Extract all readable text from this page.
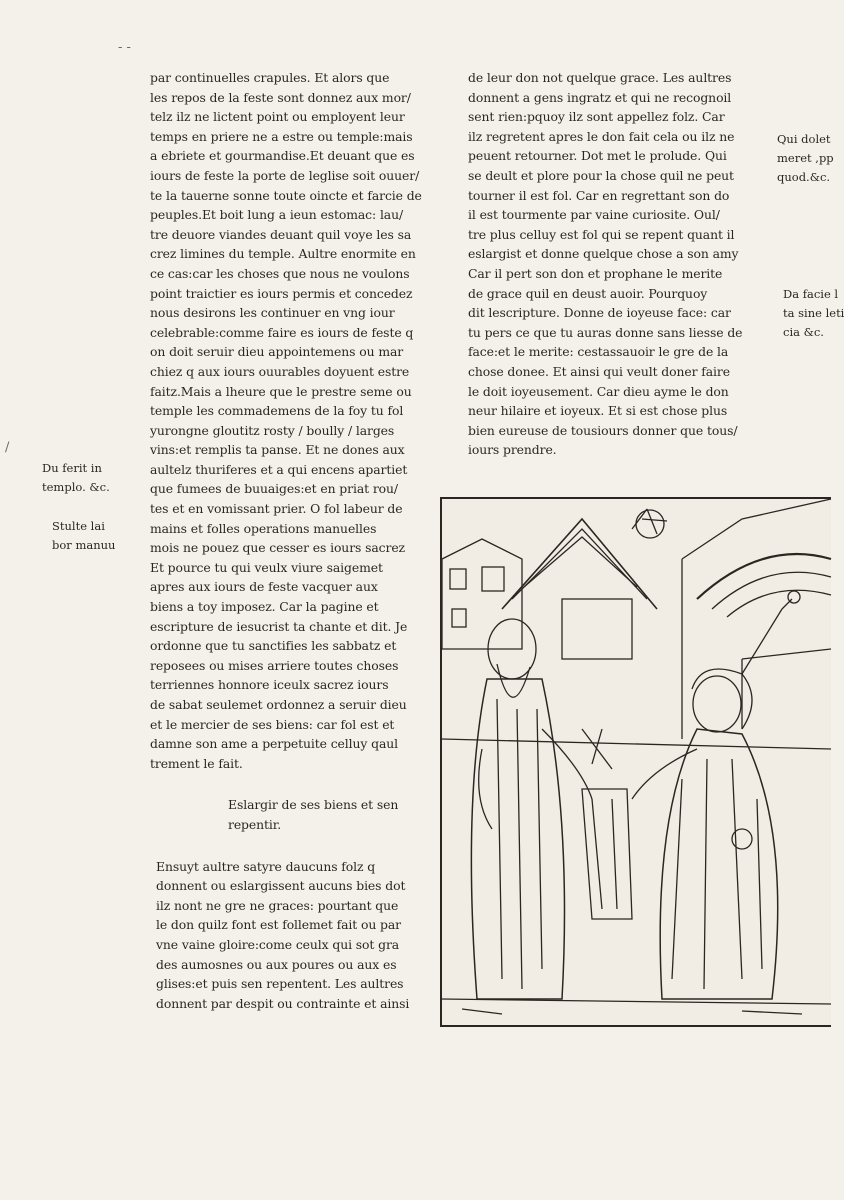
- -
/
par continuelles crapules. Et alors que
les repos de la feste sont donnez aux mor/
telz ilz ne lictent point ou employent leur
temps en priere ne a estre ou temple:mais
a ebriete et gourmandise.Et deuant que es
iours de feste la porte de leglise soit ouuer/
te la tauerne sonne toute oincte et farcie de
peuples.Et boit lung a ieun estomac: lau/
tre deuore viandes deuant quil voye les sa
crez limines du temple. Aultre enormite en
ce cas:car les choses que nous ne voulons
point traictier es iours permis et concedez
nous desirons les continuer en vng iour
celebrable:comme faire es iours de feste q
on doit seruir dieu appointemens ou mar
chiez q aux iours ouurables doyuent estre
faitz.Mais a lheure que le prestre seme ou
temple les commademens de la foy tu fol
yurongne gloutitz rosty / boully / larges
vins:et remplis ta panse. Et ne dones aux
aultelz thuriferes et a qui encens apartiet
que fumees de buuaiges:et en priat rou/
tes et en vomissant prier. O fol labeur de
mains et folles operations manuelles
mois ne pouez que cesser es iours sacrez
Et pource tu qui veulx viure saigemet
apres aux iours de feste vacquer aux
biens a toy imposez. Car la pagine et
escripture de iesucrist ta chante et dit. Je
ordonne que tu sanctifies les sabbatz et
reposees ou mises arriere toutes choses
terriennes honnore iceulx sacrez iours
de sabat seulemet ordonnez a seruir dieu
et le mercier de ses biens: car fol est et
damne son ame a perpetuite celluy qaul
trement le fait.
Eslargir de ses biens et sen
repentir.
Ensuyt aultre satyre daucuns folz q
donnent ou eslargissent aucuns bies dot
ilz nont ne gre ne graces: pourtant que
le don quilz font est follemet fait ou par
vne vaine gloire:come ceulx qui sot gra
des aumosnes ou aux poures ou aux es
glises:et puis sen repentent. Les aultres
donnent par despit ou contrainte et ainsi
de leur don not quelque grace. Les aultres
donnent a gens ingratz et qui ne recognoil
sent rien:pquoy ilz sont appellez folz. Car
ilz regretent apres le don fait cela ou ilz ne
peuent retourner. Dot met le prolude. Qui
se deult et plore pour la chose quil ne peut
tourner il est fol. Car en regrettant son do
il est tourmente par vaine curiosite. Oul/
tre plus celluy est fol qui se repent quant il
eslargist et donne quelque chose a son amy
Car il pert son don et prophane le merite
de grace quil en deust auoir. Pourquoy
dit lescripture. Donne de ioyeuse face: car
tu pers ce que tu auras donne sans liesse de
face:et le merite: cestassauoir le gre de la
chose donee. Et ainsi qui veult doner faire
le doit ioyeusement. Car dieu ayme le don
neur hilaire et ioyeux. Et si est chose plus
bien eureuse de tousiours donner que tous/
iours prendre.
Du ferit in
templo. &c.
Stulte lai
bor manuu
Qui dolet
meret ,pp
quod.&c.
Da facie l
ta sine leti
cia &c.
